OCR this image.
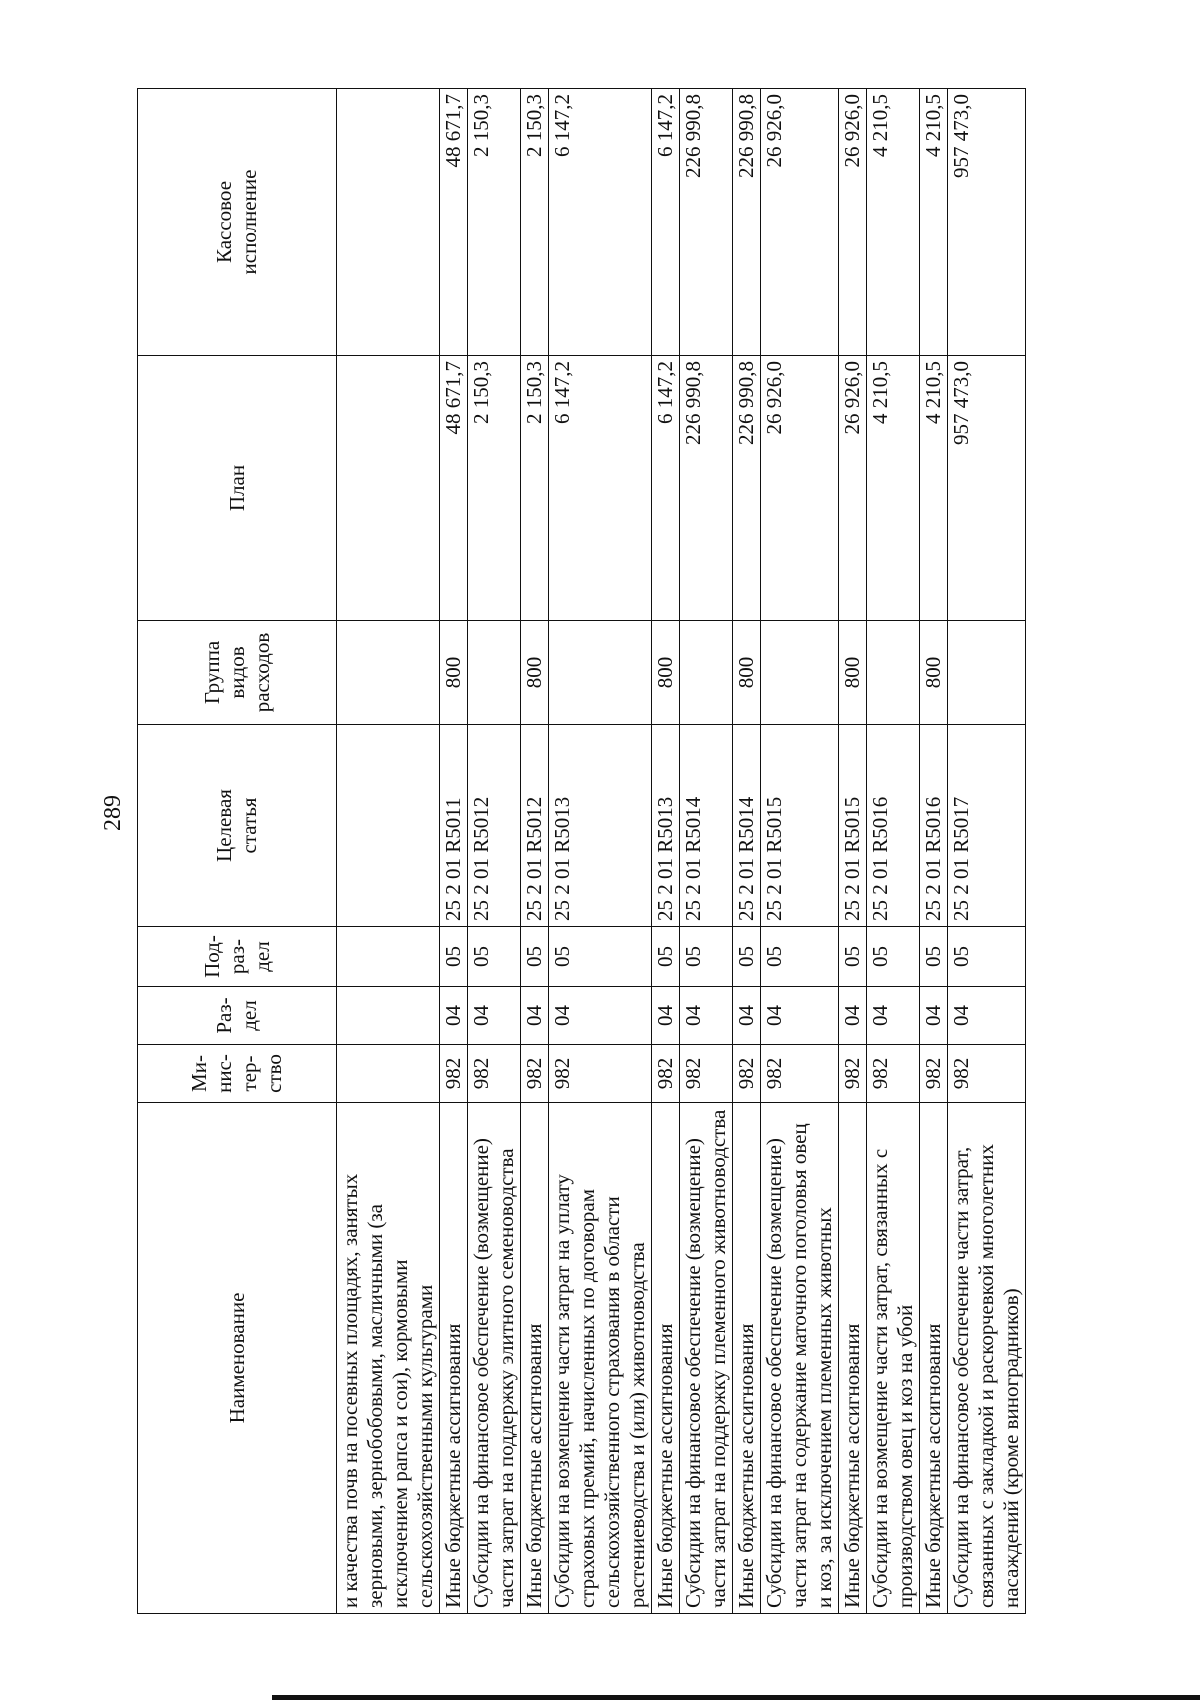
289
Наименование	Ми-
нис-
тер-
ство	Раз-
дел	Под-
раз-
дел	Целевая
статья	Группа
видов
расходов	План	Кассовое
исполнение
и качества почв на посевных площадях, занятых зерновыми, зернобобовыми, масличными (за исключением рапса и сои), кормовыми сельскохозяйственными культурами							
Иные бюджетные ассигнования	982	04	05	25 2 01 R5011	800	48 671,7	48 671,7
Субсидии на финансовое обеспечение (возмещение) части затрат на поддержку элитного семеноводства	982	04	05	25 2 01 R5012		2 150,3	2 150,3
Иные бюджетные ассигнования	982	04	05	25 2 01 R5012	800	2 150,3	2 150,3
Субсидии на возмещение части затрат на уплату страховых премий, начисленных по договорам сельскохозяйственного страхования в области растениеводства и (или) животноводства	982	04	05	25 2 01 R5013		6 147,2	6 147,2
Иные бюджетные ассигнования	982	04	05	25 2 01 R5013	800	6 147,2	6 147,2
Субсидии на финансовое обеспечение (возмещение) части затрат на поддержку племенного животноводства	982	04	05	25 2 01 R5014		226 990,8	226 990,8
Иные бюджетные ассигнования	982	04	05	25 2 01 R5014	800	226 990,8	226 990,8
Субсидии на финансовое обеспечение (возмещение) части затрат на содержание маточного поголовья овец и коз, за исключением племенных животных	982	04	05	25 2 01 R5015		26 926,0	26 926,0
Иные бюджетные ассигнования	982	04	05	25 2 01 R5015	800	26 926,0	26 926,0
Субсидии на возмещение части затрат, связанных с производством овец и коз на убой	982	04	05	25 2 01 R5016		4 210,5	4 210,5
Иные бюджетные ассигнования	982	04	05	25 2 01 R5016	800	4 210,5	4 210,5
Субсидии на финансовое обеспечение части затрат, связанных с закладкой и раскорчевкой многолетних насаждений (кроме виноградников)	982	04	05	25 2 01 R5017		957 473,0	957 473,0
